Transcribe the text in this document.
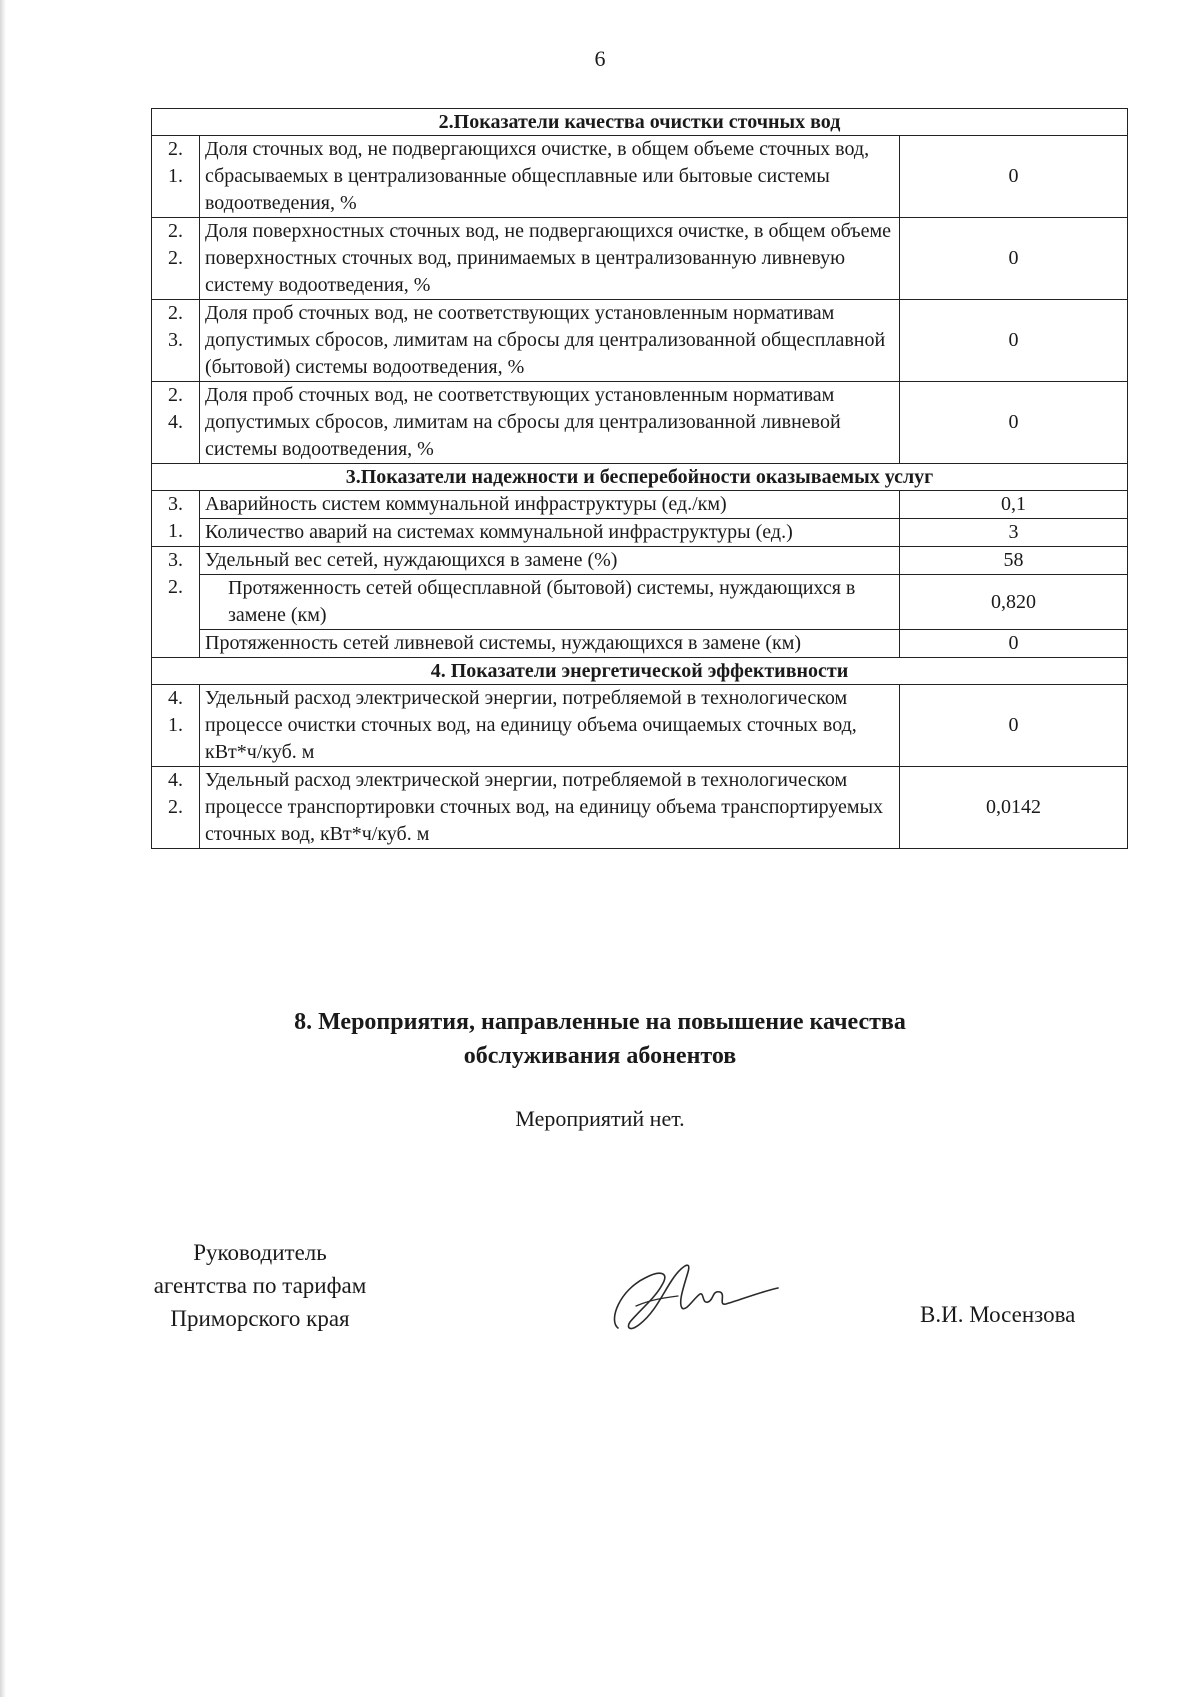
6
2.Показатели качества очистки сточных вод		

2.
1.	Доля сточных вод, не подвергающихся очистке, в общем объеме сточных вод, сбрасываемых в централизованные общесплавные или бытовые системы водоотведения, %	0

2.
2.	Доля поверхностных сточных вод, не подвергающихся очистке, в общем объеме поверхностных сточных вод, принимаемых в централизованную ливневую систему водоотведения, %	0

2.
3.	Доля проб сточных вод, не соответствующих установленным нормативам допустимых сбросов, лимитам на сбросы для централизованной общесплавной (бытовой) системы водоотведения, %	0

2.
4.	Доля проб сточных вод, не соответствующих установленным нормативам допустимых сбросов, лимитам на сбросы для централизованной ливневой системы водоотведения, %	0
3.Показатели надежности и бесперебойности оказываемых услуг		

3.
1.	Аварийность систем коммунальной инфраструктуры (ед./км)	0,1
	Количество аварий на системах коммунальной инфраструктуры (ед.)	3

3.
2.	Удельный вес сетей, нуждающихся в замене (%)	58
	Протяженность сетей общесплавной (бытовой) системы, нуждающихся в замене (км)	0,820
	Протяженность сетей ливневой системы, нуждающихся в замене (км)	0
4. Показатели энергетической эффективности		

4.
1.	Удельный расход электрической энергии, потребляемой в технологическом процессе очистки сточных вод, на единицу объема очищаемых сточных вод, кВт*ч/куб. м	0

4.
2.	Удельный расход электрической энергии, потребляемой в технологическом процессе транспортировки сточных вод, на единицу объема транспортируемых сточных вод, кВт*ч/куб. м	0,0142
8. Мероприятия, направленные на повышение качества
обслуживания абонентов
Мероприятий нет.
Руководитель
агентства по тарифам
Приморского края	В.И. Мосензова
